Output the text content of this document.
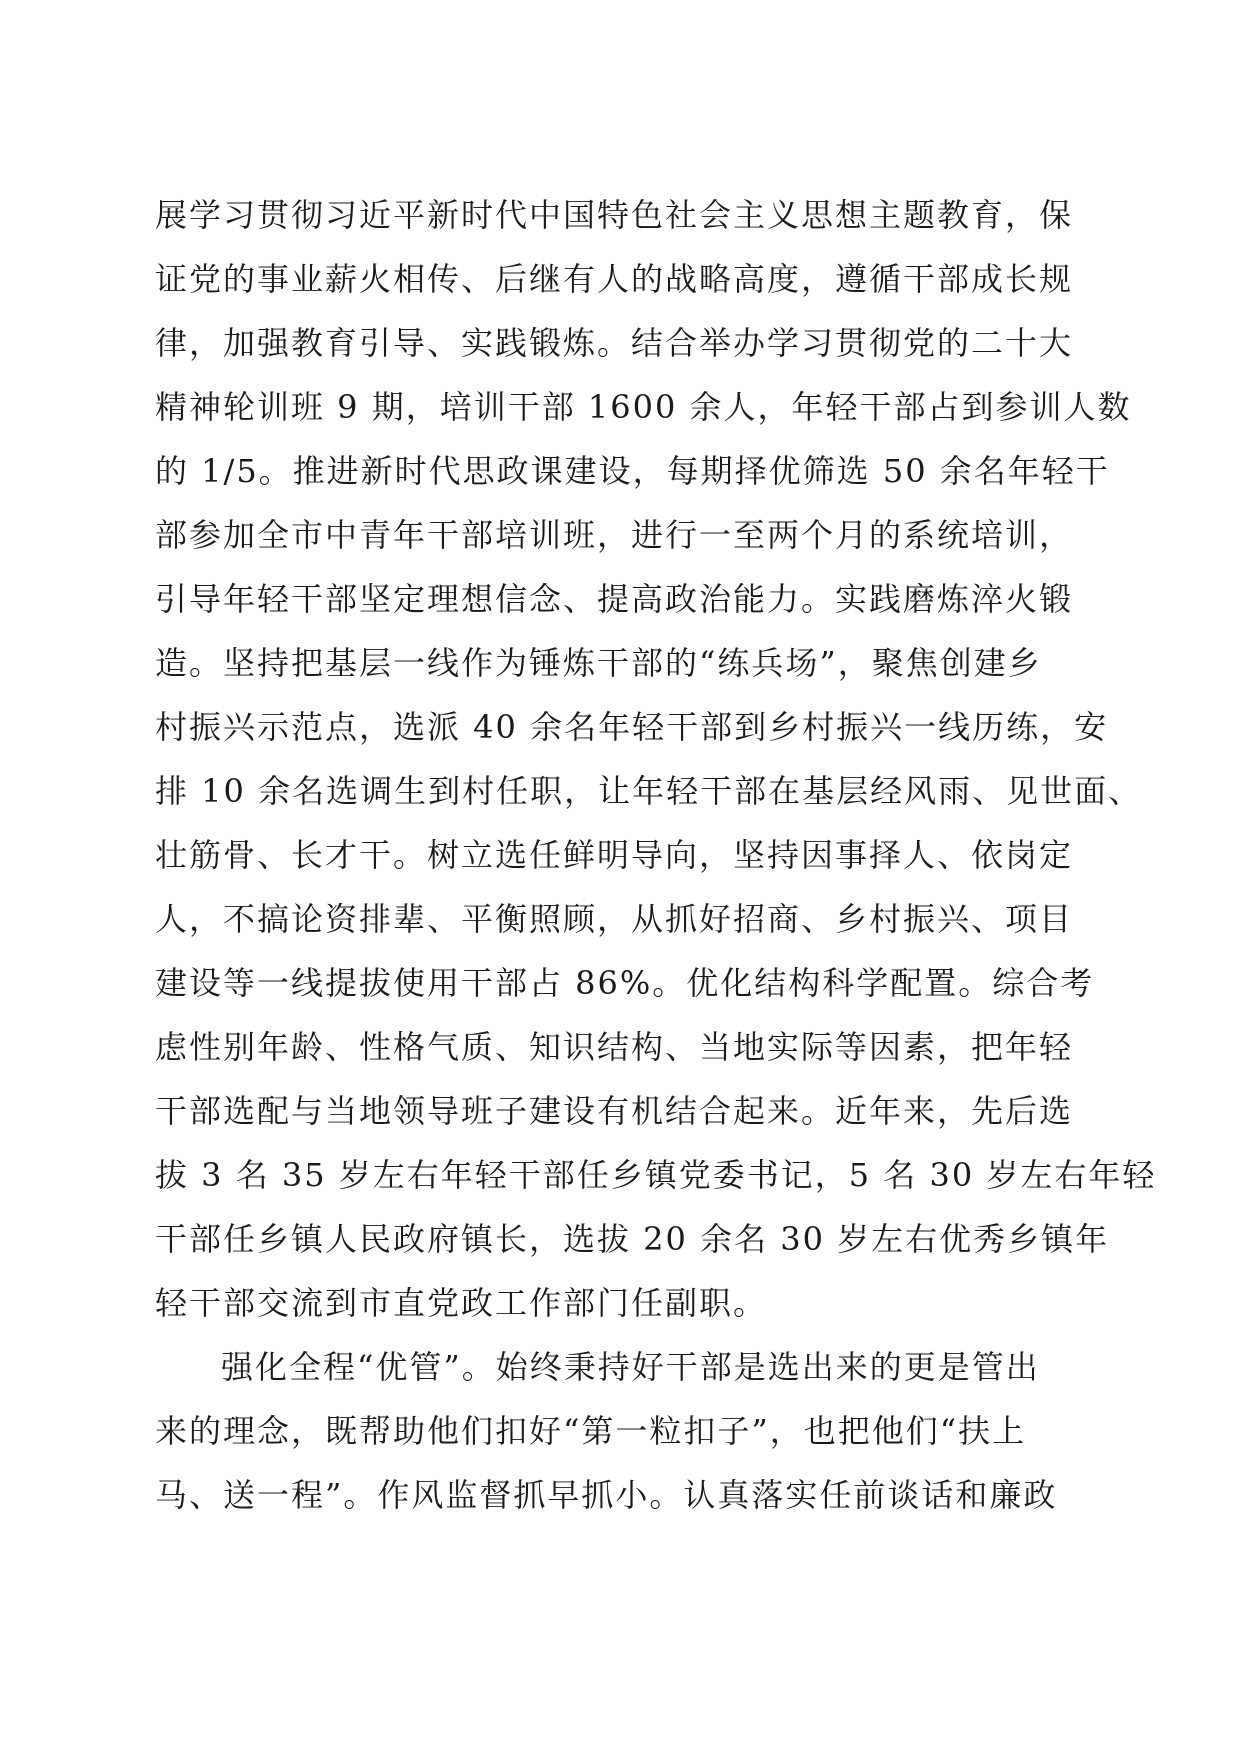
展学习贯彻习近平新时代中国特色社会主义思想主题教育，保
证党的事业薪火相传、后继有人的战略高度，遵循干部成长规
律，加强教育引导、实践锻炼。结合举办学习贯彻党的二十大
精神轮训班 9 期，培训干部 1600 余人，年轻干部占到参训人数
的 1/5。推进新时代思政课建设，每期择优筛选 50 余名年轻干
部参加全市中青年干部培训班，进行一至两个月的系统培训，
引导年轻干部坚定理想信念、提高政治能力。实践磨炼淬火锻
造。坚持把基层一线作为锤炼干部的“练兵场”，聚焦创建乡
村振兴示范点，选派 40 余名年轻干部到乡村振兴一线历练，安
排 10 余名选调生到村任职，让年轻干部在基层经风雨、见世面、
壮筋骨、长才干。树立选任鲜明导向，坚持因事择人、依岗定
人，不搞论资排辈、平衡照顾，从抓好招商、乡村振兴、项目
建设等一线提拔使用干部占 86%。优化结构科学配置。综合考
虑性别年龄、性格气质、知识结构、当地实际等因素，把年轻
干部选配与当地领导班子建设有机结合起来。近年来，先后选
拔 3 名 35 岁左右年轻干部任乡镇党委书记，5 名 30 岁左右年轻
干部任乡镇人民政府镇长，选拔 20 余名 30 岁左右优秀乡镇年
轻干部交流到市直党政工作部门任副职。
强化全程“优管”。始终秉持好干部是选出来的更是管出
来的理念，既帮助他们扣好“第一粒扣子”，也把他们“扶上
马、送一程”。作风监督抓早抓小。认真落实任前谈话和廉政
